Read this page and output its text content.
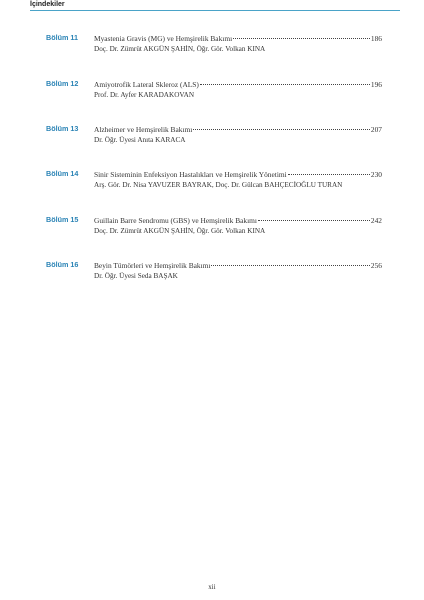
İçindekiler
Bölüm 11 Myastenia Gravis (MG) ve Hemşirelik Bakımı	186
Doç. Dr. Zümrüt AKGÜN ŞAHİN, Öğr. Gör. Volkan KINA
Bölüm 12 Amiyotrofik Lateral Skleroz (ALS)	196
Prof. Dr. Ayfer KARADAKOVAN
Bölüm 13 Alzheimer ve Hemşirelik Bakımı	207
Dr. Öğr. Üyesi Anıta KARACA
Bölüm 14 Sinir Sisteminin Enfeksiyon Hastalıkları ve Hemşirelik Yönetimi	230
Arş. Gör. Dr. Nisa YAVUZER BAYRAK, Doç. Dr. Gülcan BAHÇECİOĞLU TURAN
Bölüm 15 Guillain Barre Sendromu (GBS) ve Hemşirelik Bakımı	242
Doç. Dr. Zümrüt AKGÜN ŞAHİN, Öğr. Gör. Volkan KINA
Bölüm 16 Beyin Tümörleri ve Hemşirelik Bakımı	256
Dr. Öğr. Üyesi Seda BAŞAK
xii
